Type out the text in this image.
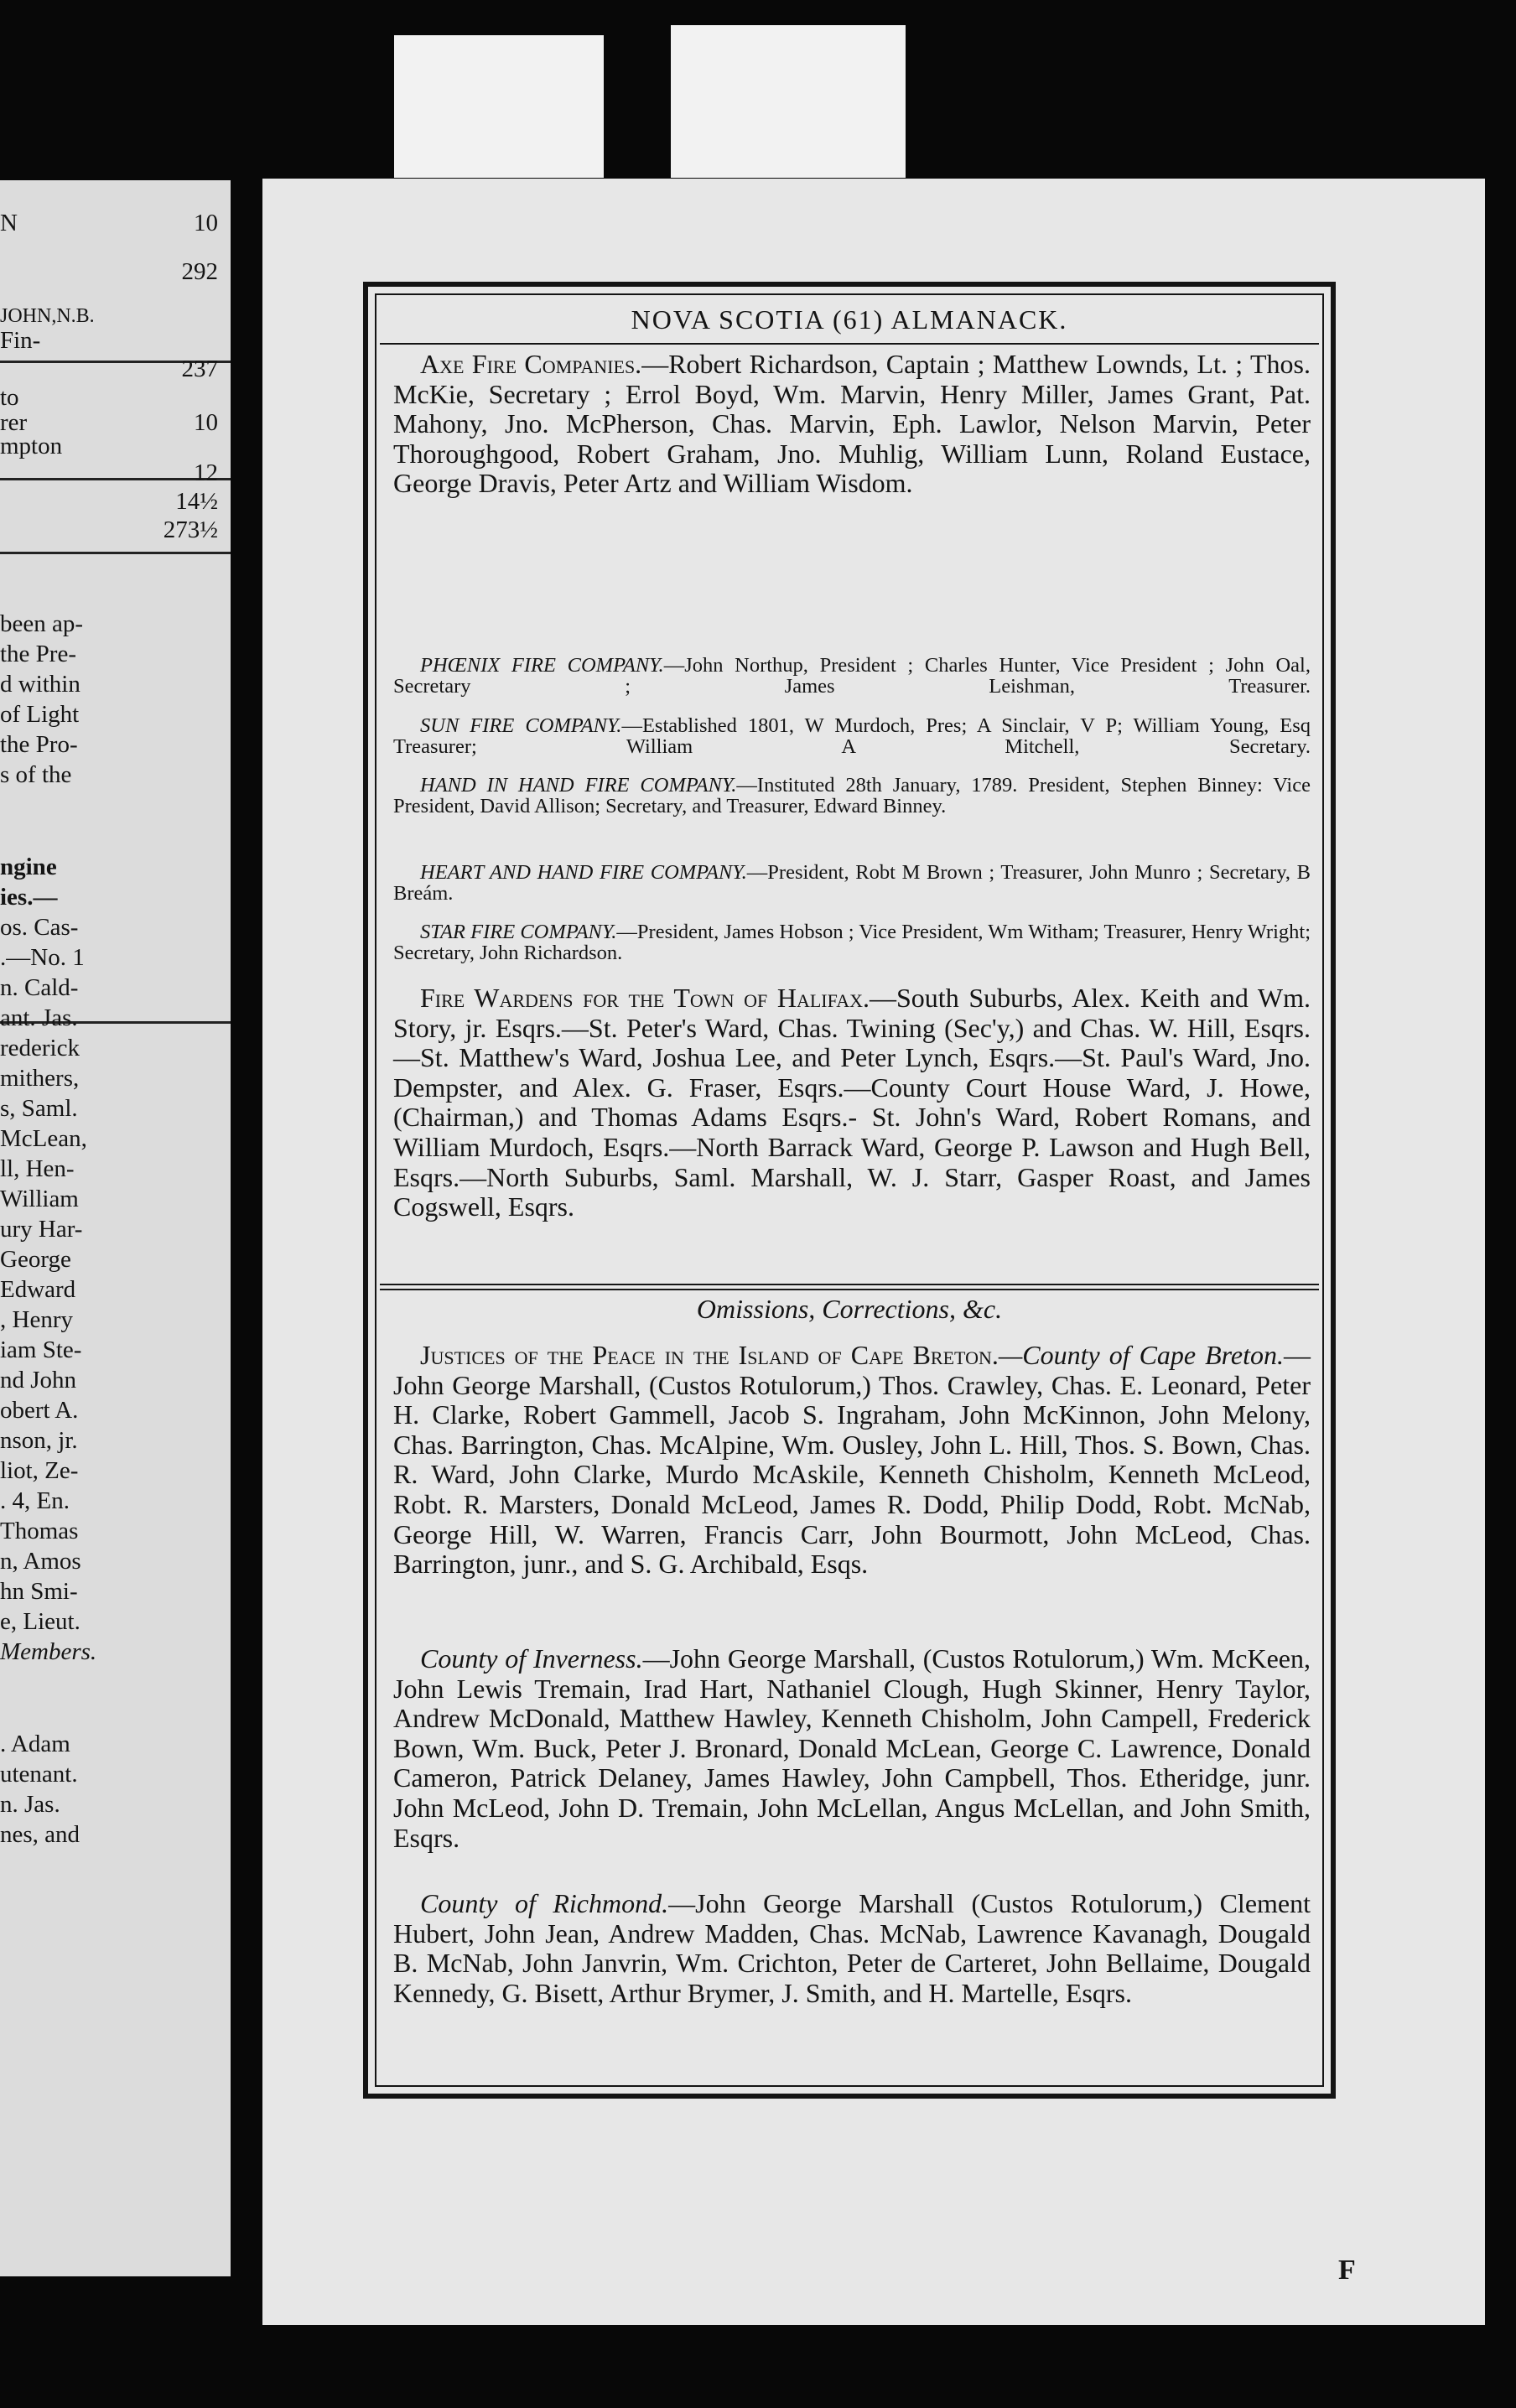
N	10
292
JOHN,N.B.
Fin-
237
to
rer	10
mpton
12
14½
273½
been ap-
the Pre-
d within
of Light
the Pro-
s of the
ngine
ies.—
os. Cas-
.—No. 1
n. Cald-
ant. Jas.
rederick
mithers,
s, Saml.
McLean,
ll, Hen-
William
ury Har-
George
Edward
, Henry
iam Ste-
nd John
obert A.
nson, jr.
liot, Ze-
. 4, En.
Thomas
n, Amos
hn Smi-
e, Lieut.
Members.
. Adam
utenant.
n. Jas.
nes, and
NOVA SCOTIA (61) ALMANACK.
Axe Fire Companies.—Robert Richardson, Captain ; Matthew Lownds, Lt. ; Thos. McKie, Secretary ; Errol Boyd, Wm. Marvin, Henry Miller, James Grant, Pat. Mahony, Jno. McPherson, Chas. Marvin, Eph. Lawlor, Nelson Marvin, Peter Thoroughgood, Robert Graham, Jno. Muhlig, William Lunn, Roland Eustace, George Dravis, Peter Artz and William Wisdom.
PHŒNIX FIRE COMPANY.—John Northup, President ; Charles Hunter, Vice President ; John Oal, Secretary ; James Leishman, Treasurer.
SUN FIRE COMPANY.—Established 1801, W Murdoch, Pres; A Sinclair, V P; William Young, Esq Treasurer; William A Mitchell, Secretary.
HAND IN HAND FIRE COMPANY.—Instituted 28th January, 1789. President, Stephen Binney: Vice President, David Allison; Secretary, and Treasurer, Edward Binney.
HEART AND HAND FIRE COMPANY.—President, Robt M Brown ; Treasurer, John Munro ; Secretary, B Breám.
STAR FIRE COMPANY.—President, James Hobson ; Vice President, Wm Witham; Treasurer, Henry Wright; Secretary, John Richardson.
Fire Wardens for the Town of Halifax.—South Suburbs, Alex. Keith and Wm. Story, jr. Esqrs.—St. Peter's Ward, Chas. Twining (Sec'y,) and Chas. W. Hill, Esqrs.—St. Matthew's Ward, Joshua Lee, and Peter Lynch, Esqrs.—St. Paul's Ward, Jno. Dempster, and Alex. G. Fraser, Esqrs.—County Court House Ward, J. Howe, (Chairman,) and Thomas Adams Esqrs.- St. John's Ward, Robert Romans, and William Murdoch, Esqrs.—North Barrack Ward, George P. Lawson and Hugh Bell, Esqrs.—North Suburbs, Saml. Marshall, W. J. Starr, Gasper Roast, and James Cogswell, Esqrs.
Omissions, Corrections, &c.
Justices of the Peace in the Island of Cape Breton.—County of Cape Breton.—John George Marshall, (Custos Rotulorum,) Thos. Crawley, Chas. E. Leonard, Peter H. Clarke, Robert Gammell, Jacob S. Ingraham, John McKinnon, John Melony, Chas. Barrington, Chas. McAlpine, Wm. Ousley, John L. Hill, Thos. S. Bown, Chas. R. Ward, John Clarke, Murdo McAskile, Kenneth Chisholm, Kenneth McLeod, Robt. R. Marsters, Donald McLeod, James R. Dodd, Philip Dodd, Robt. McNab, George Hill, W. Warren, Francis Carr, John Bourmott, John McLeod, Chas. Barrington, junr., and S. G. Archibald, Esqs.
County of Inverness.—John George Marshall, (Custos Rotulorum,) Wm. McKeen, John Lewis Tremain, Irad Hart, Nathaniel Clough, Hugh Skinner, Henry Taylor, Andrew McDonald, Matthew Hawley, Kenneth Chisholm, John Campell, Frederick Bown, Wm. Buck, Peter J. Bronard, Donald McLean, George C. Lawrence, Donald Cameron, Patrick Delaney, James Hawley, John Campbell, Thos. Etheridge, junr. John McLeod, John D. Tremain, John McLellan, Angus McLellan, and John Smith, Esqrs.
County of Richmond.—John George Marshall (Custos Rotulorum,) Clement Hubert, John Jean, Andrew Madden, Chas. McNab, Lawrence Kavanagh, Dougald B. McNab, John Janvrin, Wm. Crichton, Peter de Carteret, John Bellaime, Dougald Kennedy, G. Bisett, Arthur Brymer, J. Smith, and H. Martelle, Esqrs.
F
